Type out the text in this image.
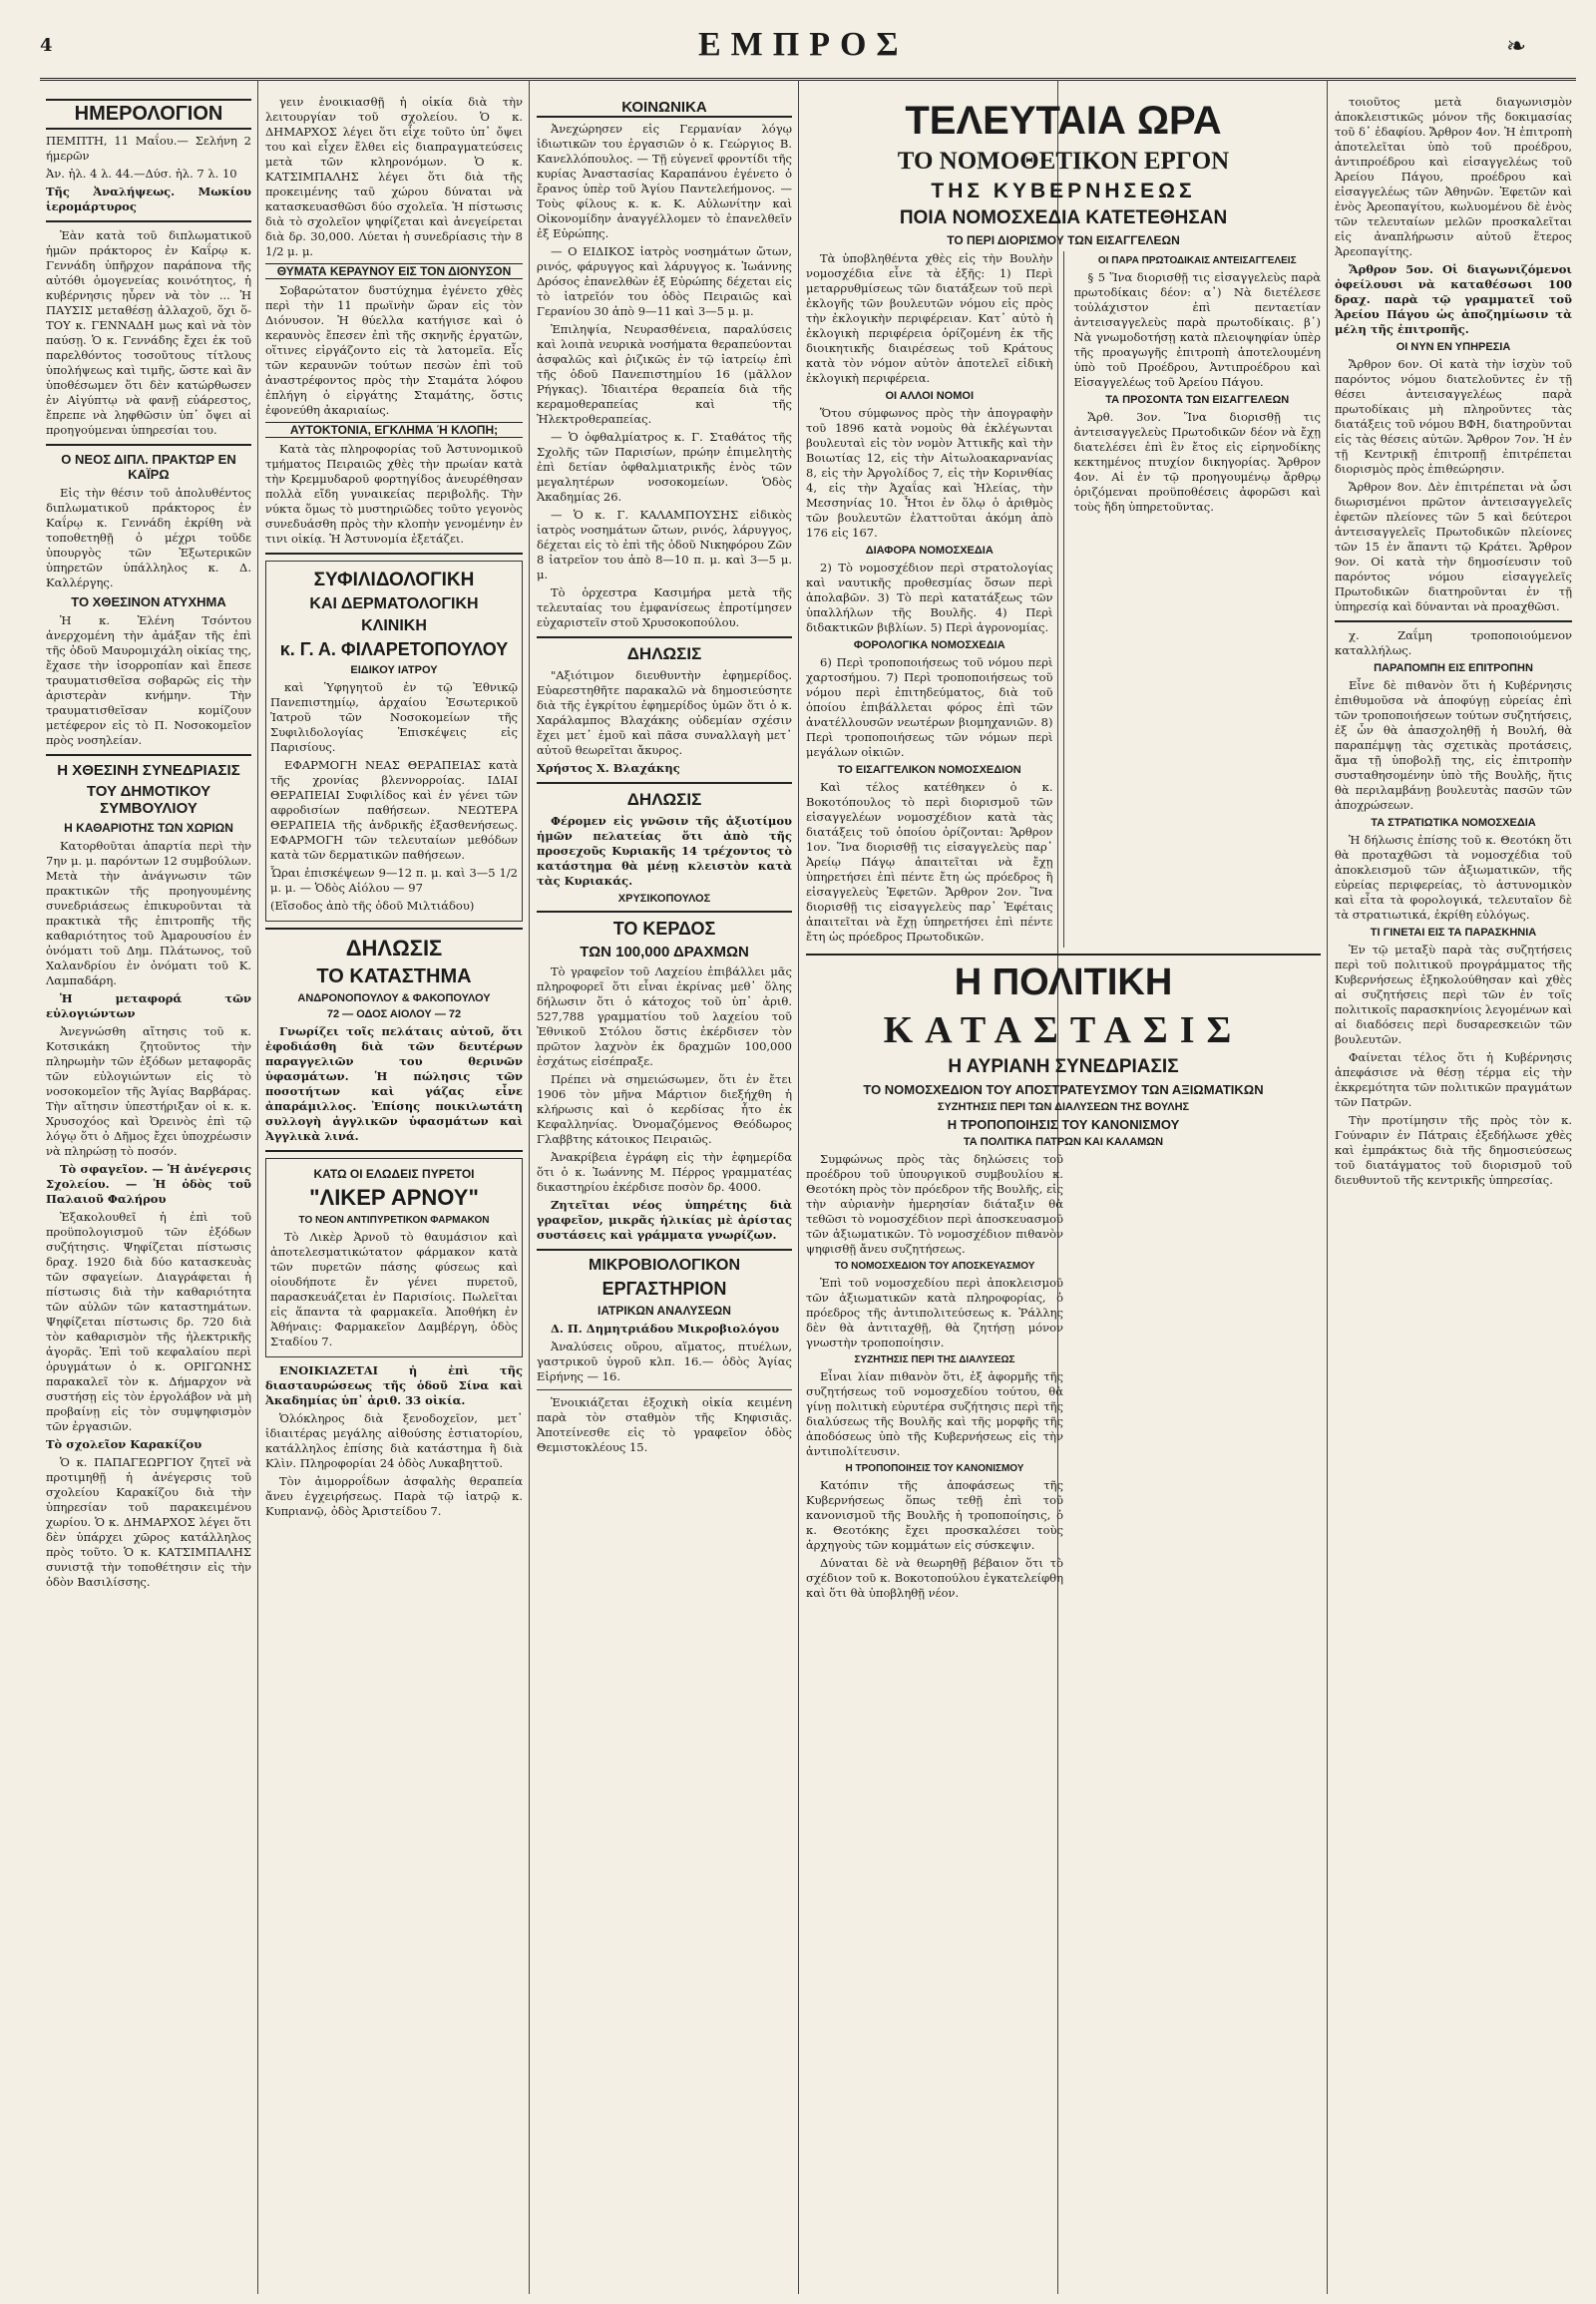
4	ΕΜΠΡΟΣ	❧
ΗΜΕΡΟΛΟΓΙΟΝ

ΠΕΜΠΤΗ, 11 Μαΐου.— Σελήνη 2 ήμερῶν

Ἀν. ἡλ. 4 λ. 44.—Δύσ. ἡλ. 7 λ. 10

Τῆς Ἀναλήψεως. Μωκίου ἱερομάρτυρος

Ἐὰν κατὰ τοῦ διπλωματικοῦ ἡμῶν πράκτορος ἐν Καΐρῳ κ. Γεννάδη ὑπῆρχον παράπονα τῆς αὐτόθι ὁμογενείας κοινότητος, ἡ κυβέρνησις ηὗρεν νὰ τὸν ... Ἡ ΠΑΥΣΙΣ μεταθέσῃ ἀλλαχοῦ, ὅχι ὅ- ΤΟΥ κ. ΓΕΝΝΑΔΗ μως καὶ νὰ τὸν παύσῃ. Ὁ κ. Γεννάδης ἔχει ἐκ τοῦ παρελθόντος τοσοῦτους τίτλους ὑπολήψεως καὶ τιμῆς, ὥστε καὶ ἂν ὑποθέσωμεν ὅτι δὲν κατώρθωσεν ἐν Αἰγύπτῳ νὰ φανῇ εὐάρεστος, ἔπρεπε νὰ ληφθῶσιν ὑπ᾽ ὄψει αἱ προηγούμεναι ὑπηρεσίαι του.

Ο ΝΕΟΣ ΔΙΠΛ. ΠΡΑΚΤΩΡ ΕΝ ΚΑΪΡΩ

Εἰς τὴν θέσιν τοῦ ἀπολυθέντος διπλωματικοῦ πράκτορος ἐν Καΐρῳ κ. Γεννάδη ἐκρίθη νὰ τοποθετηθῇ ὁ μέχρι τοῦδε ὑπουργὸς τῶν Ἐξωτερικῶν ὑπηρετῶν ὑπάλληλος κ. Δ. Καλλέργης.

ΤΟ ΧΘΕΣΙΝΟΝ ΑΤΥΧΗΜΑ

Ἡ κ. Ἑλένη Τσόντου ἀνερχομένη τὴν ἁμάξαν τῆς ἐπὶ τῆς ὁδοῦ Μαυρομιχάλη οἰκίας της, ἔχασε τὴν ἰσορροπίαν καὶ ἔπεσε τραυματισθεῖσα σοβαρῶς εἰς τὴν ἀριστερὰν κνήμην. Τὴν τραυματισθεῖσαν κομίζουν μετέφερον εἰς τὸ Π. Νοσοκομεῖον πρὸς νοσηλείαν.

Η ΧΘΕΣΙΝΗ ΣΥΝΕΔΡΙΑΣΙΣ
ΤΟΥ ΔΗΜΟΤΙΚΟΥ ΣΥΜΒΟΥΛΙΟΥ
Η ΚΑΘΑΡΙΟΤΗΣ ΤΩΝ ΧΩΡΙΩΝ

Κατορθοῦται ἀπαρτία περὶ τὴν 7ην μ. μ. παρόντων 12 συμβούλων. Μετὰ τὴν ἀνάγνωσιν τῶν πρακτικῶν τῆς προηγουμένης συνεδριάσεως ἐπικυροῦνται τὰ πρακτικὰ τῆς ἐπιτροπῆς τῆς καθαριότητος τοῦ Ἀμαρουσίου ἐν ὀνόματι τοῦ Δημ. Πλάτωνος, τοῦ Χαλανδρίου ἐν ὀνόματι τοῦ Κ. Λαμπαδάρη.

Ἡ μεταφορά τῶν εὐλογιώντων

Ἀνεγνώσθη αἴτησις τοῦ κ. Κοτσικάκη ζητοῦντος τὴν πληρωμὴν τῶν ἐξόδων μεταφορᾶς τῶν εὐλογιώντων εἰς τὸ νοσοκομεῖον τῆς Ἁγίας Βαρβάρας. Τὴν αἴτησιν ὑπεστήριξαν οἱ κ. κ. Χρυσοχόος καὶ Ὀρεινὸς ἐπὶ τῷ λόγῳ ὅτι ὁ Δῆμος ἔχει ὑποχρέωσιν νὰ πληρώσῃ τὸ ποσόν.

Τὸ σφαγεῖον. — Ἡ ἀνέγερσις Σχολείου. — Ἡ ὁδὸς τοῦ Παλαιοῦ Φαλήρου

Ἐξακολουθεῖ ἡ ἐπὶ τοῦ προϋπολογισμοῦ τῶν ἐξόδων συζήτησις. Ψηφίζεται πίστωσις δραχ. 1920 διὰ δύο κατασκευὰς τῶν σφαγείων. Διαγράφεται ἡ πίστωσις διὰ τὴν καθαριότητα τῶν αὐλῶν τῶν καταστημάτων. Ψηφίζεται πίστωσις δρ. 720 διὰ τὸν καθαρισμὸν τῆς ἠλεκτρικῆς ἀγορᾶς. Ἐπὶ τοῦ κεφαλαίου περὶ ὀρυγμάτων ὁ κ. ΟΡΙΓΩΝΗΣ παρακαλεῖ τὸν κ. Δήμαρχον νὰ συστήσῃ εἰς τὸν ἐργολάβον νὰ μὴ προβαίνῃ εἰς τὸν συμψηφισμὸν τῶν ἐργασιῶν.

Τὸ σχολεῖον Καρακίζου

Ὁ κ. ΠΑΠΑΓΕΩΡΓΙΟΥ ζητεῖ νὰ προτιμηθῇ ἡ ἀνέγερσις τοῦ σχολείου Καρακίζου διὰ τὴν ὑπηρεσίαν τοῦ παρακειμένου χωρίου. Ὁ κ. ΔΗΜΑΡΧΟΣ λέγει ὅτι δὲν ὑπάρχει χῶρος κατάλληλος πρὸς τοῦτο. Ὁ κ. ΚΑΤΣΙΜΠΑΛΗΣ συνιστᾷ τὴν τοποθέτησιν εἰς τὴν ὁδὸν Βασιλίσσης.

γειν ἐνοικιασθῇ ἡ οἰκία διὰ τὴν λειτουργίαν τοῦ σχολείου. Ὁ κ. ΔΗΜΑΡΧΟΣ λέγει ὅτι εἶχε τοῦτο ὑπ᾽ ὄψει του καὶ εἶχεν ἔλθει εἰς διαπραγματεύσεις μετὰ τῶν κληρονόμων. Ὁ κ. ΚΑΤΣΙΜΠΑΛΗΣ λέγει ὅτι διὰ τῆς προκειμένης ταῦ χώρου δύναται νὰ κατασκευασθῶσι δύο σχολεῖα. Ἡ πίστωσις διὰ τὸ σχολεῖον ψηφίζεται καὶ ἀνεγείρεται διὰ δρ. 30,000. Λύεται ἡ συνεδρίασις τὴν 8 1/2 μ. μ.

ΘΥΜΑΤΑ ΚΕΡΑΥΝΟΥ ΕΙΣ ΤΟΝ ΔΙΟΝΥΣΟΝ

Σοβαρώτατον δυστύχημα ἐγένετο χθὲς περὶ τὴν 11 πρωϊνὴν ὥραν εἰς τὸν Διόνυσον. Ἡ θύελλα κατήγισε καὶ ὁ κεραυνὸς ἔπεσεν ἐπὶ τῆς σκηνῆς ἐργατῶν, οἵτινες εἰργάζοντο εἰς τὰ λατομεῖα. Εἷς τῶν κεραυνῶν τούτων πεσὼν ἐπὶ τοῦ ἀναστρέφοντος πρὸς τὴν Σταμάτα λόφου ἐπλήγη ὁ εἰργάτης Σταμάτης, ὅστις ἐφονεύθη ἀκαριαίως.

ΑΥΤΟΚΤΟΝΙΑ, ΕΓΚΛΗΜΑ Ή ΚΛΟΠΗ;

Κατὰ τὰς πληροφορίας τοῦ Ἀστυνομικοῦ τμήματος Πειραιῶς χθὲς τὴν πρωίαν κατὰ τὴν Κρεμμυδαροῦ φορτηγίδος ἀνευρέθησαν πολλὰ εἴδη γυναικείας περιβολῆς. Τὴν νύκτα ὅμως τὸ μυστηριῶδες τοῦτο γεγονὸς συνεδυάσθη πρὸς τὴν κλοπὴν γενομένην ἐν τινι οἰκίᾳ. Ἡ Ἀστυνομία ἐξετάζει.

ΣΥΦΙΛΙΔΟΛΟΓΙΚΗ
ΚΑΙ ΔΕΡΜΑΤΟΛΟΓΙΚΗ
ΚΛΙΝΙΚΗ
κ. Γ. Α. ΦΙΛΑΡΕΤΟΠΟΥΛΟΥ
ΕΙΔΙΚΟΥ ΙΑΤΡΟΥ

καὶ Ὑφηγητοῦ ἐν τῷ Ἐθνικῷ Πανεπιστημίῳ, ἀρχαίου Ἐσωτερικοῦ Ἰατροῦ τῶν Νοσοκομείων τῆς Συφιλιδολογίας Ἐπισκέψεις εἰς Παρισίους.

ΕΦΑΡΜΟΓΗ ΝΕΑΣ ΘΕΡΑΠΕΙΑΣ κατὰ τῆς χρονίας βλεννορροίας. ΙΔΙΑΙ ΘΕΡΑΠΕΙΑΙ Συφιλίδος καὶ ἐν γένει τῶν αφροδισίων παθήσεων. ΝΕΩΤΕΡΑ ΘΕΡΑΠΕΙΑ τῆς ἀνδρικῆς ἐξασθενήσεως. ΕΦΑΡΜΟΓΗ τῶν τελευταίων μεθόδων κατὰ τῶν δερματικῶν παθήσεων.

Ὧραι ἐπισκέψεων 9—12 π. μ. καὶ 3—5 1/2 μ. μ. — Ὁδὸς Αἰόλου — 97

(Εἴσοδος ἀπὸ τῆς ὁδοῦ Μιλτιάδου)

ΔΗΛΩΣΙΣ
ΤΟ ΚΑΤΑΣΤΗΜΑ
ΑΝΔΡΟΝΟΠΟΥΛΟΥ & ΦΑΚΟΠΟΥΛΟΥ
72 — ΟΔΟΣ ΑΙΟΛΟΥ — 72

Γνωρίζει τοῖς πελάταις αὐτοῦ, ὅτι ἐφοδιάσθη διὰ τῶν δευτέρων παραγγελιῶν του θερινῶν ὑφασμάτων. Ἡ πώλησις τῶν ποσοτήτων καὶ γάζας εἶνε ἀπαράμιλλος. Ἐπίσης ποικιλωτάτη συλλογὴ ἀγγλικῶν ὑφασμάτων καὶ Ἀγγλικὰ λινά.

ΚΑΤΩ ΟΙ ΕΛΩΔΕΙΣ ΠΥΡΕΤΟΙ
"ΛΙΚΕΡ ΑΡΝΟΥ"
ΤΟ ΝΕΟΝ ΑΝΤΙΠΥΡΕΤΙΚΟΝ ΦΑΡΜΑΚΟΝ

Τὸ Λικὲρ Ἀρνοῦ τὸ θαυμάσιον καὶ ἀποτελεσματικώτατον φάρμακον κατὰ τῶν πυρετῶν πάσης φύσεως καὶ οἰουδήποτε ἔν γένει πυρετοῦ, παρασκευάζεται ἐν Παρισίοις. Πωλεῖται εἰς ἅπαντα τὰ φαρμακεῖα. Ἀποθήκη ἐν Ἀθήναις: Φαρμακεῖον Δαμβέργη, ὁδὸς Σταδίου 7.

ΕΝΟΙΚΙΑΖΕΤΑΙ ἡ ἐπὶ τῆς διασταυρώσεως τῆς ὁδοῦ Σίνα καὶ Ἀκαδημίας ὑπ᾽ ἀριθ. 33 οἰκία.

Ὁλόκληρος διὰ ξενοδοχεῖον, μετ᾽ ἰδιαιτέρας μεγάλης αἰθούσης ἑστιατορίου, κατάλληλος ἐπίσης διὰ κατάστημα ἢ διὰ Κλὶν. Πληροφορίαι 24 ὁδὸς Λυκαβηττοῦ.

Τὸν ἀιμορροΐδων ἀσφαλὴς θεραπεία ἄνευ ἐγχειρήσεως. Παρὰ τῷ ἰατρῷ κ. Κυπριανῷ, ὁδὸς Ἀριστείδου 7.

ΚΟΙΝΩΝΙΚΑ

Ἀνεχώρησεν εἰς Γερμανίαν λόγῳ ἰδιωτικῶν του ἐργασιῶν ὁ κ. Γεώργιος Β. Κανελλόπουλος. — Τῇ εὐγενεῖ φροντίδι τῆς κυρίας Ἀναστασίας Καραπάνου ἐγένετο ὁ ἔρανος ὑπὲρ τοῦ Ἁγίου Παντελεήμονος. — Τοὺς φίλους κ. κ. Κ. Αὐλωνίτην καὶ Οἰκονομίδην ἀναγγέλλομεν τὸ ἐπανελθεῖν ἐξ Εὐρώπης.

— Ο ΕΙΔΙΚΟΣ ἰατρὸς νοσημάτων ὤτων, ρινός, φάρυγγος καὶ λάρυγγος κ. Ἰωάννης Δρόσος ἐπανελθὼν ἐξ Εὐρώπης δέχεται εἰς τὸ ἰατρεῖόν του ὁδὸς Πειραιῶς καὶ Γερανίου 30 ἀπὸ 9—11 καὶ 3—5 μ. μ.

Ἐπιληψία, Νευρασθένεια, παραλύσεις καὶ λοιπὰ νευρικὰ νοσήματα θεραπεύονται ἀσφαλῶς καὶ ῥιζικῶς ἐν τῷ ἰατρείῳ ἐπὶ τῆς ὁδοῦ Πανεπιστημίου 16 (μᾶλλον Ρήγκας). Ἰδιαιτέρα θεραπεία διὰ τῆς κεραμοθεραπείας καὶ τῆς Ἠλεκτροθεραπείας.

— Ὁ ὀφθαλμίατρος κ. Γ. Σταθάτος τῆς Σχολῆς τῶν Παρισίων, πρώην ἐπιμελητὴς ἐπὶ δετίαν ὀφθαλμιατρικῆς ἑνὸς τῶν μεγαλητέρων νοσοκομείων. Ὁδὸς Ἀκαδημίας 26.

— Ὁ κ. Γ. ΚΑΛΑΜΠΟΥΣΗΣ εἰδικὸς ἰατρὸς νοσημάτων ὤτων, ρινός, λάρυγγος, δέχεται εἰς τὸ ἐπὶ τῆς ὁδοῦ Νικηφόρου Ζῶν 8 ἰατρεῖον του ἀπὸ 8—10 π. μ. καὶ 3—5 μ. μ.

Τὸ ὀρχεστρα Κασιμήρα μετὰ τῆς τελευταίας του ἐμφανίσεως ἐπροτίμησεν εὐχαριστεῖν στοῦ Χρυσοκοπούλου.

ΔΗΛΩΣΙΣ

"Αξιότιμον διευθυντὴν ἐφημερίδος. Εὐαρεστηθῆτε παρακαλῶ νὰ δημοσιεύσητε διὰ τῆς ἐγκρίτου ἐφημερίδος ὑμῶν ὅτι ὁ κ. Χαράλαμπος Βλαχάκης οὐδεμίαν σχέσιν ἔχει μετ᾽ ἐμοῦ καὶ πᾶσα συναλλαγὴ μετ᾽ αὐτοῦ θεωρεῖται ἄκυρος.

Χρήστος Χ. Βλαχάκης

ΔΗΛΩΣΙΣ

Φέρομεν εἰς γνῶσιν τῆς ἀξιοτίμου ἡμῶν πελατείας ὅτι ἀπὸ τῆς προσεχοῦς Κυριακῆς 14 τρέχοντος τὸ κατάστημα θὰ μένῃ κλειστὸν κατὰ τὰς Κυριακάς.

ΧΡΥΣΙΚΟΠΟΥΛΟΣ
ΤΟ ΚΕΡΔΟΣ
ΤΩΝ 100,000 ΔΡΑΧΜΩΝ

Τὸ γραφεῖον τοῦ Λαχείου ἐπιβάλλει μᾶς πληροφορεῖ ὅτι εἶναι ἐκρίνας μεθ᾽ ὅλης δήλωσιν ὅτι ὁ κάτοχος τοῦ ὑπ᾽ ἀριθ. 527,788 γραμματίου τοῦ λαχείου τοῦ Ἐθνικοῦ Στόλου ὅστις ἐκέρδισεν τὸν πρῶτον λαχνὸν ἐκ δραχμῶν 100,000 ἐσχάτως εἰσέπραξε.

Πρέπει νὰ σημειώσωμεν, ὅτι ἐν ἔτει 1906 τὸν μῆνα Μάρτιον διεξήχθη ἡ κλήρωσις καὶ ὁ κερδίσας ἦτο ἐκ Κεφαλληνίας. Ὀνομαζόμενος Θεόδωρος Γλαββτης κάτοικος Πειραιῶς.

Ἀνακρίβεια ἐγράφη εἰς τὴν ἐφημερίδα ὅτι ὁ κ. Ἰωάννης Μ. Πέρρος γραμματέας δικαστηρίου ἐκέρδισε ποσὸν δρ. 4000.

Ζητεῖται νέος ὑπηρέτης διὰ γραφεῖον, μικρᾶς ἡλικίας μὲ ἀρίστας συστάσεις καὶ γράμματα γνωρίζων.

ΜΙΚΡΟΒΙΟΛΟΓΙΚΟΝ
ΕΡΓΑΣΤΗΡΙΟΝ
ΙΑΤΡΙΚΩΝ ΑΝΑΛΥΣΕΩΝ

Δ. Π. Δημητριάδου Μικροβιολόγου

Ἀναλύσεις οὔρου, αἵματος, πτυέλων, γαστρικοῦ ὑγροῦ κλπ. 16.— ὁδὸς Ἁγίας Εἰρήνης — 16.

Ἐνοικιάζεται ἐξοχικὴ οἰκία κειμένη παρὰ τὸν σταθμὸν τῆς Κηφισιᾶς. Ἀποτείνεσθε εἰς τὸ γραφεῖον ὁδὸς Θεμιστοκλέους 15.

ΤΕΛΕΥΤΑΙΑ ΩΡΑ
ΤΟ ΝΟΜΟΘΕΤΙΚΟΝ ΕΡΓΟΝ
ΤΗΣ ΚΥΒΕΡΝΗΣΕΩΣ
ΠΟΙΑ ΝΟΜΟΣΧΕΔΙΑ ΚΑΤΕΤΕΘΗΣΑΝ
ΤΟ ΠΕΡΙ ΔΙΟΡΙΣΜΟΥ ΤΩΝ ΕΙΣΑΓΓΕΛΕΩΝ

Τὰ ὑποβληθέντα χθὲς εἰς τὴν Βουλὴν νομοσχέδια εἶνε τὰ ἑξῆς: 1) Περὶ μεταρρυθμίσεως τῶν διατάξεων τοῦ περὶ ἐκλογῆς τῶν βουλευτῶν νόμου εἰς πρὸς τὴν ἐκλογικὴν περιφέρειαν. Κατ᾽ αὐτὸ ἡ ἐκλογικὴ περιφέρεια ὁρίζομένη ἐκ τῆς διοικητικῆς διαιρέσεως τοῦ Κράτους κατὰ τὸν νόμον αὐτὸν ἀποτελεῖ εἰδικὴ ἐκλογικὴ περιφέρεια.

ΟΙ ΑΛΛΟΙ ΝΟΜΟΙ

Ὅτου σύμφωνος πρὸς τὴν ἀπογραφὴν τοῦ 1896 κατὰ νομοὺς θὰ ἐκλέγωνται βουλευταὶ εἰς τὸν νομὸν Ἀττικῆς καὶ τὴν Βοιωτίας 12, εἰς τὴν Αἰτωλοακαρνανίας 8, εἰς τὴν Ἀργολίδος 7, εἰς τὴν Κορινθίας 4, εἰς τὴν Ἀχαΐας καὶ Ἠλείας, τὴν Μεσσηνίας 10. Ἦτοι ἐν ὅλῳ ὁ ἀριθμὸς τῶν βουλευτῶν ἐλαττοῦται ἀκόμη ἀπὸ 176 εἰς 167.

ΔΙΑΦΟΡΑ ΝΟΜΟΣΧΕΔΙΑ

2) Τὸ νομοσχέδιον περὶ στρατολογίας καὶ ναυτικῆς προθεσμίας ὅσων περὶ ἀπολαβῶν. 3) Τὸ περὶ κατατάξεως τῶν ὑπαλλήλων τῆς Βουλῆς. 4) Περὶ διδακτικῶν βιβλίων. 5) Περὶ ἀγρονομίας.

ΦΟΡΟΛΟΓΙΚΑ ΝΟΜΟΣΧΕΔΙΑ

6) Περὶ τροποποιήσεως τοῦ νόμου περὶ χαρτοσήμου. 7) Περὶ τροποποιήσεως τοῦ νόμου περὶ ἐπιτηδεύματος, διὰ τοῦ ὁποίου ἐπιβάλλεται φόρος ἐπὶ τῶν ἀνατέλλουσῶν νεωτέρων βιομηχανιῶν. 8) Περὶ τροποποιήσεως τῶν νόμων περὶ μεγάλων οἰκιῶν.

ΤΟ ΕΙΣΑΓΓΕΛΙΚΟΝ ΝΟΜΟΣΧΕΔΙΟΝ

Καὶ τέλος κατέθηκεν ὁ κ. Βοκοτόπουλος τὸ περὶ διορισμοῦ τῶν εἰσαγγελέων νομοσχέδιον κατὰ τὰς διατάξεις τοῦ ὁποίου ὁρίζονται: Ἄρθρον 1ον. Ἵνα διορισθῇ τις εἰσαγγελεὺς παρ᾽ Ἀρείῳ Πάγῳ ἀπαιτεῖται νὰ ἔχῃ ὑπηρετήσει ἐπὶ πέντε ἔτη ὡς πρόεδρος ἢ εἰσαγγελεὺς Ἐφετῶν. Ἄρθρον 2ον. Ἵνα διορισθῇ τις εἰσαγγελεὺς παρ᾽ Ἐφέταις ἀπαιτεῖται νὰ ἔχῃ ὑπηρετήσει ἐπὶ πέντε ἔτη ὡς πρόεδρος Πρωτοδικῶν.

ΟΙ ΠΑΡΑ ΠΡΩΤΟΔΙΚΑΙΣ ΑΝΤΕΙΣΑΓΓΕΛΕΙΣ

§ 5 Ἵνα διορισθῇ τις εἰσαγγελεὺς παρὰ πρωτοδίκαις δέον: α᾽) Νὰ διετέλεσε τοὐλάχιστον ἐπὶ πενταετίαν ἀντεισαγγελεὺς παρὰ πρωτοδίκαις. β᾽) Νὰ γνωμοδοτήσῃ κατὰ πλειοψηφίαν ὑπὲρ τῆς προαγωγῆς ἐπιτροπὴ ἀποτελουμένη ὑπὸ τοῦ Προέδρου, Ἀντιπροέδρου καὶ Εἰσαγγελέως τοῦ Ἀρείου Πάγου.

ΤΑ ΠΡΟΣΟΝΤΑ ΤΩΝ ΕΙΣΑΓΓΕΛΕΩΝ

Ἄρθ. 3ον. Ἵνα διορισθῇ τις ἀντεισαγγελεὺς Πρωτοδικῶν δέον νὰ ἔχῃ διατελέσει ἐπὶ ἓν ἔτος εἰς εἰρηνοδίκης κεκτημένος πτυχίον δικηγορίας. Ἄρθρον 4ον. Αἱ ἐν τῷ προηγουμένῳ ἄρθρῳ ὁριζόμεναι προϋποθέσεις ἀφορῶσι καὶ τοὺς ἤδη ὑπηρετοῦντας.

Η ΠΟΛΙΤΙΚΗ
ΚΑΤΑΣΤΑΣΙΣ
Η ΑΥΡΙΑΝΗ ΣΥΝΕΔΡΙΑΣΙΣ
ΤΟ ΝΟΜΟΣΧΕΔΙΟΝ ΤΟΥ ΑΠΟΣΤΡΑΤΕΥΣΜΟΥ ΤΩΝ ΑΞΙΩΜΑΤΙΚΩΝ
ΣΥΖΗΤΗΣΙΣ ΠΕΡΙ ΤΩΝ ΔΙΑΛΥΣΕΩΝ ΤΗΣ ΒΟΥΛΗΣ
Η ΤΡΟΠΟΠΟΙΗΣΙΣ ΤΟΥ ΚΑΝΟΝΙΣΜΟΥ
ΤΑ ΠΟΛΙΤΙΚΑ ΠΑΤΡΩΝ ΚΑΙ ΚΑΛΑΜΩΝ

Συμφώνως πρὸς τὰς δηλώσεις τοῦ προέδρου τοῦ ὑπουργικοῦ συμβουλίου κ. Θεοτόκη πρὸς τὸν πρόεδρον τῆς Βουλῆς, εἰς τὴν αὐριανὴν ἡμερησίαν διάταξιν θὰ τεθῶσι τὸ νομοσχέδιον περὶ ἀποσκευασμοῦ τῶν ἀξιωματικῶν. Τὸ νομοσχέδιον πιθανὸν ψηφισθῇ ἄνευ συζητήσεως.

ΤΟ ΝΟΜΟΣΧΕΔΙΟΝ ΤΟΥ ΑΠΟΣΚΕΥΑΣΜΟΥ

Ἐπὶ τοῦ νομοσχεδίου περὶ ἀποκλεισμοῦ τῶν ἀξιωματικῶν κατὰ πληροφορίας, ὁ πρόεδρος τῆς ἀντιπολιτεύσεως κ. Ῥάλλης δὲν θὰ ἀντιταχθῇ, θὰ ζητήσῃ μόνον γνωστὴν τροποποίησιν.

ΣΥΖΗΤΗΣΙΣ ΠΕΡΙ ΤΗΣ ΔΙΑΛΥΣΕΩΣ

Εἶναι λίαν πιθανὸν ὅτι, ἐξ ἀφορμῆς τῆς συζητήσεως τοῦ νομοσχεδίου τούτου, θὰ γίνῃ πολιτικὴ εὐρυτέρα συζήτησις περὶ τῆς διαλύσεως τῆς Βουλῆς καὶ τῆς μορφῆς τῆς ἀποδόσεως ὑπὸ τῆς Κυβερνήσεως εἰς τὴν ἀντιπολίτευσιν.

Η ΤΡΟΠΟΠΟΙΗΣΙΣ ΤΟΥ ΚΑΝΟΝΙΣΜΟΥ

Κατόπιν τῆς ἀποφάσεως τῆς Κυβερνήσεως ὅπως τεθῇ ἐπὶ τοῦ κανονισμοῦ τῆς Βουλῆς ἡ τροποποίησις, ὁ κ. Θεοτόκης ἔχει προσκαλέσει τοὺς ἀρχηγοὺς τῶν κομμάτων εἰς σύσκεψιν.

Δύναται δὲ νὰ θεωρηθῇ βέβαιον ὅτι τὸ σχέδιον τοῦ κ. Βοκοτοπούλου ἐγκατελείφθη καὶ ὅτι θὰ ὑποβληθῇ νέον.

τοιοῦτος μετὰ διαγωνισμὸν ἀποκλειστικῶς μόνον τῆς δοκιμασίας τοῦ δ᾽ ἐδαφίου. Ἄρθρον 4ον. Ἡ ἐπιτροπὴ ἀποτελεῖται ὑπὸ τοῦ προέδρου, ἀντιπροέδρου καὶ εἰσαγγελέως τοῦ Ἀρείου Πάγου, προέδρου καὶ εἰσαγγελέως τῶν Ἀθηνῶν. Ἐφετῶν καὶ ἐνὸς Ἀρεοπαγίτου, κωλυομένου δὲ ἑνὸς τῶν τελευταίων μελῶν προσκαλεῖται εἰς ἀναπλήρωσιν αὐτοῦ ἕτερος Ἀρεοπαγίτης.

Ἄρθρον 5ον. Οἱ διαγωνιζόμενοι ὀφείλουσι νὰ καταθέσωσι 100 δραχ. παρὰ τῷ γραμματεῖ τοῦ Ἀρείου Πάγου ὡς ἀποζημίωσιν τὰ μέλη τῆς ἐπιτροπῆς.

ΟΙ ΝΥΝ ΕΝ ΥΠΗΡΕΣΙΑ

Ἄρθρον 6ον. Οἱ κατὰ τὴν ἰσχὺν τοῦ παρόντος νόμου διατελοῦντες ἐν τῇ θέσει ἀντεισαγγελέως παρὰ πρωτοδίκαις μὴ πληροῦντες τὰς διατάξεις τοῦ νόμου ΒΦΗ, διατηροῦνται εἰς τὰς θέσεις αὐτῶν. Ἄρθρον 7ον. Ἡ ἐν τῇ Κεντρικῇ ἐπιτροπῇ ἐπιτρέπεται διορισμὸς πρὸς ἐπιθεώρησιν.

Ἄρθρον 8ον. Δὲν ἐπιτρέπεται νὰ ὦσι διωρισμένοι πρῶτον ἀντεισαγγελεῖς ἐφετῶν πλείονες τῶν 5 καὶ δεύτεροι ἀντεισαγγελεῖς Πρωτοδικῶν πλείονες τῶν 15 ἐν ἅπαντι τῷ Κράτει. Ἄρθρον 9ον. Οἱ κατὰ τὴν δημοσίευσιν τοῦ παρόντος νόμου εἰσαγγελεῖς Πρωτοδικῶν διατηροῦνται ἐν τῇ ὑπηρεσίᾳ καὶ δύνανται νὰ προαχθῶσι.

χ. Ζαΐμη τροποποιούμενον καταλλήλως.

ΠΑΡΑΠΟΜΠΗ ΕΙΣ ΕΠΙΤΡΟΠΗΝ

Εἶνε δὲ πιθανὸν ὅτι ἡ Κυβέρνησις ἐπιθυμοῦσα νὰ ἀποφύγῃ εὐρείας ἐπὶ τῶν τροποποιήσεων τούτων συζητήσεις, ἐξ ὧν θὰ ἀπασχοληθῇ ἡ Βουλή, θὰ παραπέμψῃ τὰς σχετικὰς προτάσεις, ἅμα τῇ ὑποβολῇ της, εἰς ἐπιτροπὴν συσταθησομένην ὑπὸ τῆς Βουλῆς, ἥτις θὰ περιλαμβάνῃ βουλευτὰς πασῶν τῶν ἀποχρώσεων.

ΤΑ ΣΤΡΑΤΙΩΤΙΚΑ ΝΟΜΟΣΧΕΔΙΑ

Ἡ δήλωσις ἐπίσης τοῦ κ. Θεοτόκη ὅτι θὰ προταχθῶσι τὰ νομοσχέδια τοῦ ἀποκλεισμοῦ τῶν ἀξιωματικῶν, τῆς εὐρείας περιφερείας, τὸ ἀστυνομικὸν καὶ εἶτα τὰ φορολογικά, τελευταῖον δὲ τὰ στρατιωτικά, ἐκρίθη εὐλόγως.

ΤΙ ΓΙΝΕΤΑΙ ΕΙΣ ΤΑ ΠΑΡΑΣΚΗΝΙΑ

Ἐν τῷ μεταξὺ παρὰ τὰς συζητήσεις περὶ τοῦ πολιτικοῦ προγράμματος τῆς Κυβερνήσεως ἐξηκολούθησαν καὶ χθὲς αἱ συζητήσεις περὶ τῶν ἐν τοῖς πολιτικοῖς παρασκηνίοις λεγομένων καὶ αἱ διαδόσεις περὶ δυσαρεσκειῶν τῶν βουλευτῶν.

Φαίνεται τέλος ὅτι ἡ Κυβέρνησις ἀπεφάσισε νὰ θέσῃ τέρμα εἰς τὴν ἐκκρεμότητα τῶν πολιτικῶν πραγμάτων τῶν Πατρῶν.

Τὴν προτίμησιν τῆς πρὸς τὸν κ. Γούναριν ἐν Πάτραις ἐξεδήλωσε χθὲς καὶ ἐμπράκτως διὰ τῆς δημοσιεύσεως τοῦ διατάγματος τοῦ διορισμοῦ τοῦ διευθυντοῦ τῆς κεντρικῆς ὑπηρεσίας.
